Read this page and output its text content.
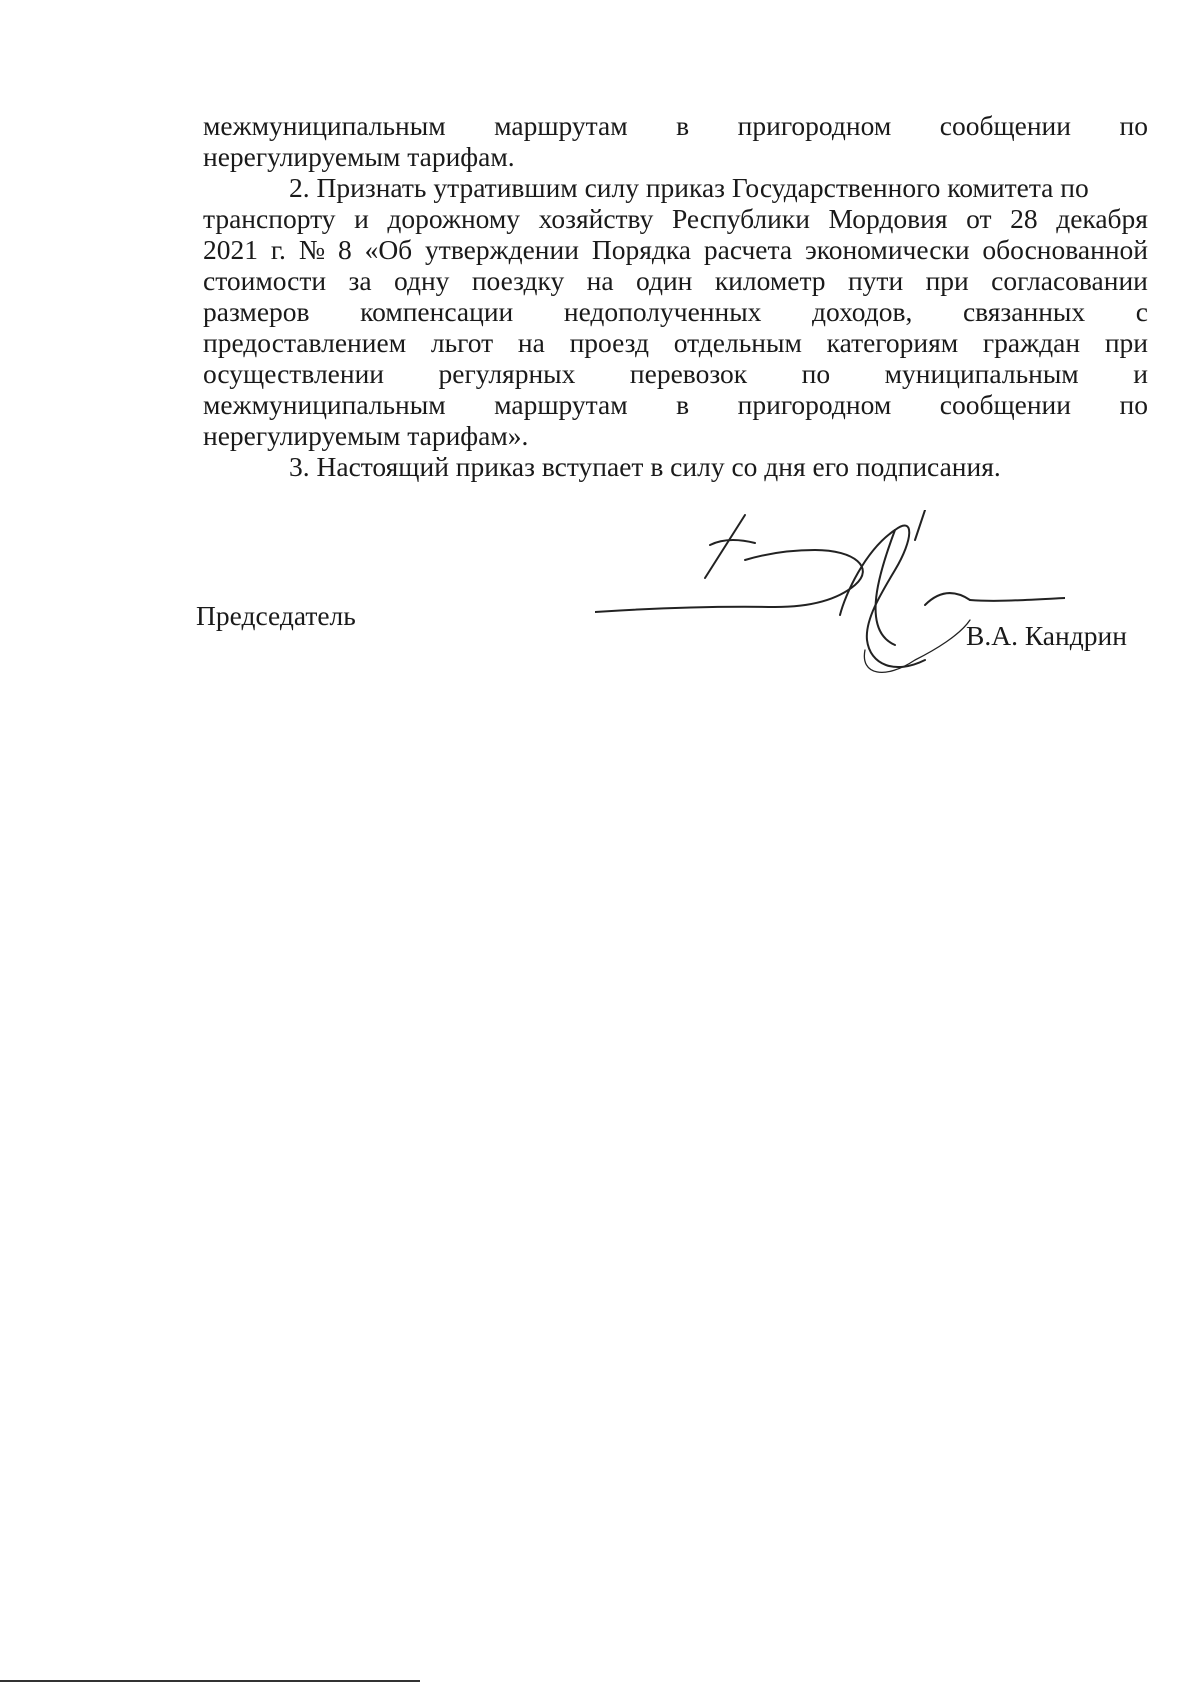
межмуниципальным маршрутам в пригородном сообщении по
нерегулируемым тарифам.
2. Признать утратившим силу приказ Государственного комитета по
транспорту и дорожному хозяйству Республики Мордовия от 28 декабря
2021 г. № 8 «Об утверждении Порядка расчета экономически обоснованной
стоимости за одну поездку на один километр пути при согласовании
размеров компенсации недополученных доходов, связанных с
предоставлением льгот на проезд отдельным категориям граждан при
осуществлении регулярных перевозок по муниципальным и
межмуниципальным маршрутам в пригородном сообщении по
нерегулируемым тарифам».
3. Настоящий приказ вступает в силу со дня его подписания.
Председатель
В.А. Кандрин
